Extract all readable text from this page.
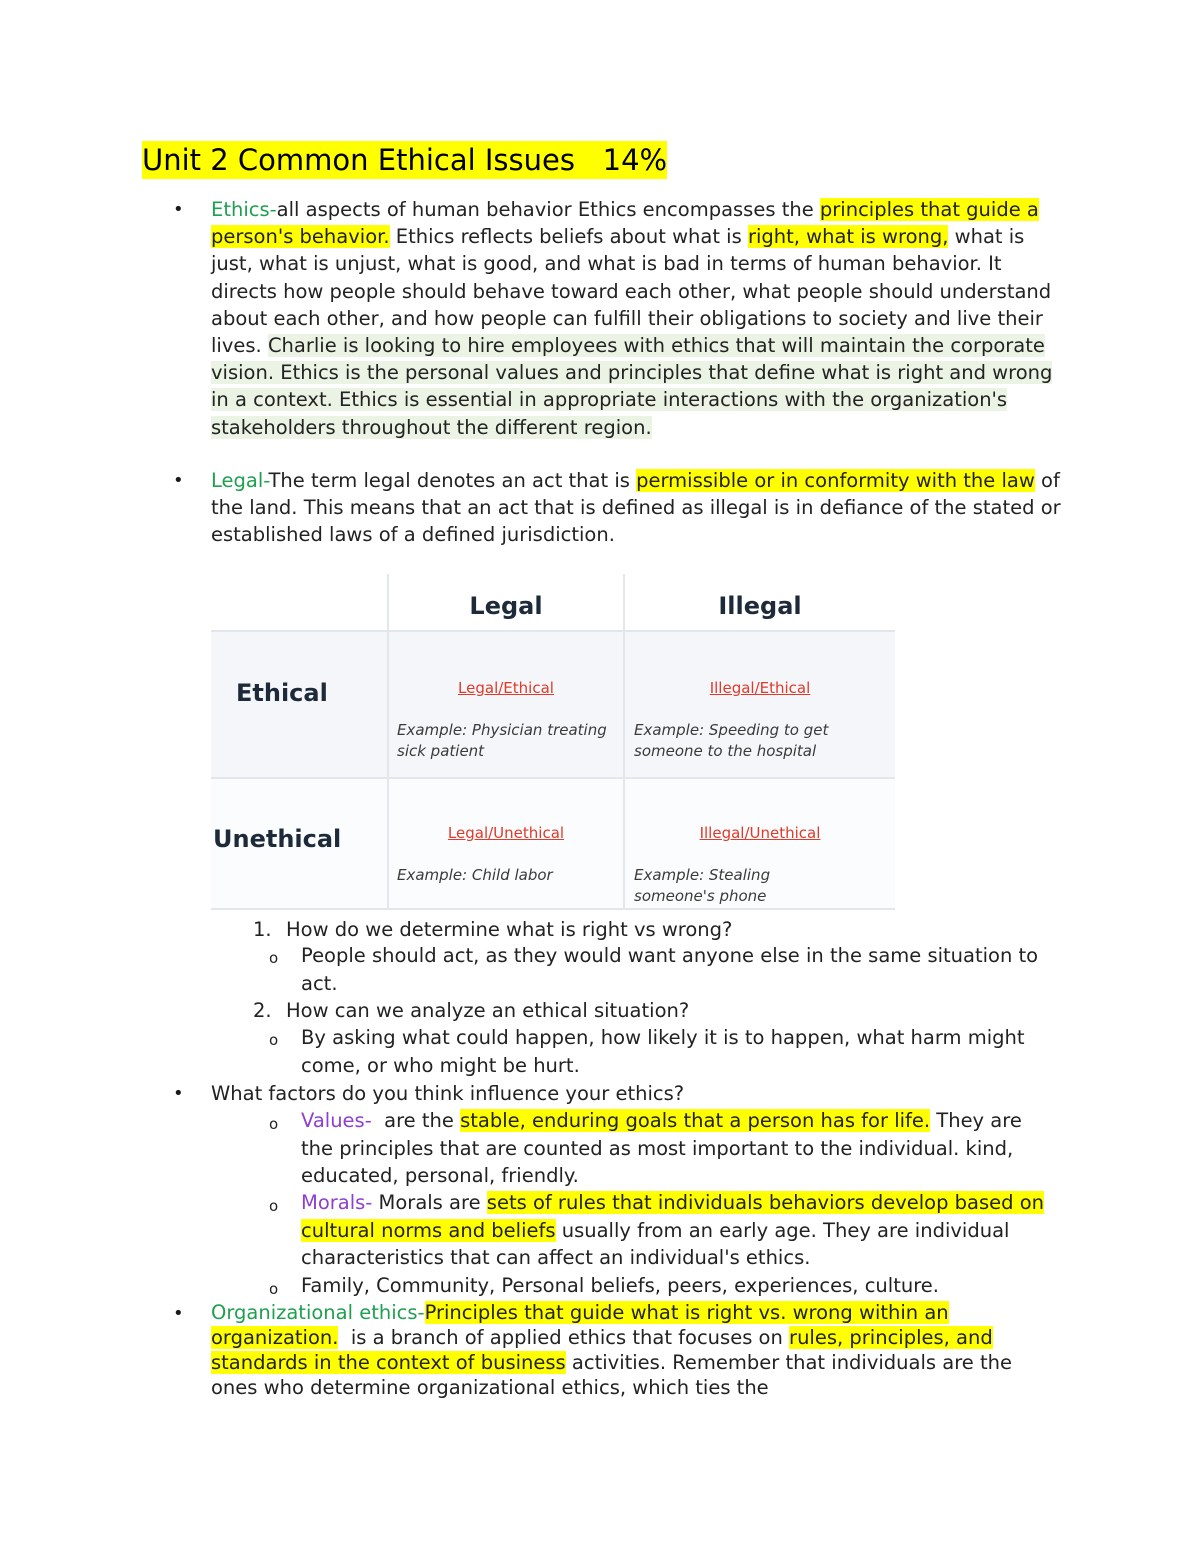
Unit 2 Common Ethical Issues   14%
• Ethics-all aspects of human behavior Ethics encompasses the principles that guide a person's behavior. Ethics reflects beliefs about what is right, what is wrong, what is just, what is unjust, what is good, and what is bad in terms of human behavior. It directs how people should behave toward each other, what people should understand about each other, and how people can fulfill their obligations to society and live their lives. Charlie is looking to hire employees with ethics that will maintain the corporate vision. Ethics is the personal values and principles that define what is right and wrong in a context. Ethics is essential in appropriate interactions with the organization's stakeholders throughout the different region.
• Legal-The term legal denotes an act that is permissible or in conformity with the law of the land. This means that an act that is defined as illegal is in defiance of the stated or established laws of a defined jurisdiction.
Legal	Illegal
Ethical
Unethical
Legal/Ethical
Example: Physician treating sick patient
Illegal/Ethical
Example: Speeding to get someone to the hospital
Legal/Unethical
Example: Child labor
Illegal/Unethical
Example: Stealing someone's phone
1. How do we determine what is right vs wrong?
o People should act, as they would want anyone else in the same situation to act.
2. How can we analyze an ethical situation?
o By asking what could happen, how likely it is to happen, what harm might come, or who might be hurt.
• What factors do you think influence your ethics?
o Values-  are the stable, enduring goals that a person has for life. They are the principles that are counted as most important to the individual. kind, educated, personal, friendly.
o Morals- Morals are sets of rules that individuals behaviors develop based on cultural norms and beliefs usually from an early age. They are individual characteristics that can affect an individual's ethics.
o Family, Community, Personal beliefs, peers, experiences, culture.
• Organizational ethics-Principles that guide what is right vs. wrong within an organization.  is a branch of applied ethics that focuses on rules, principles, and standards in the context of business activities. Remember that individuals are the ones who determine organizational ethics, which ties the
